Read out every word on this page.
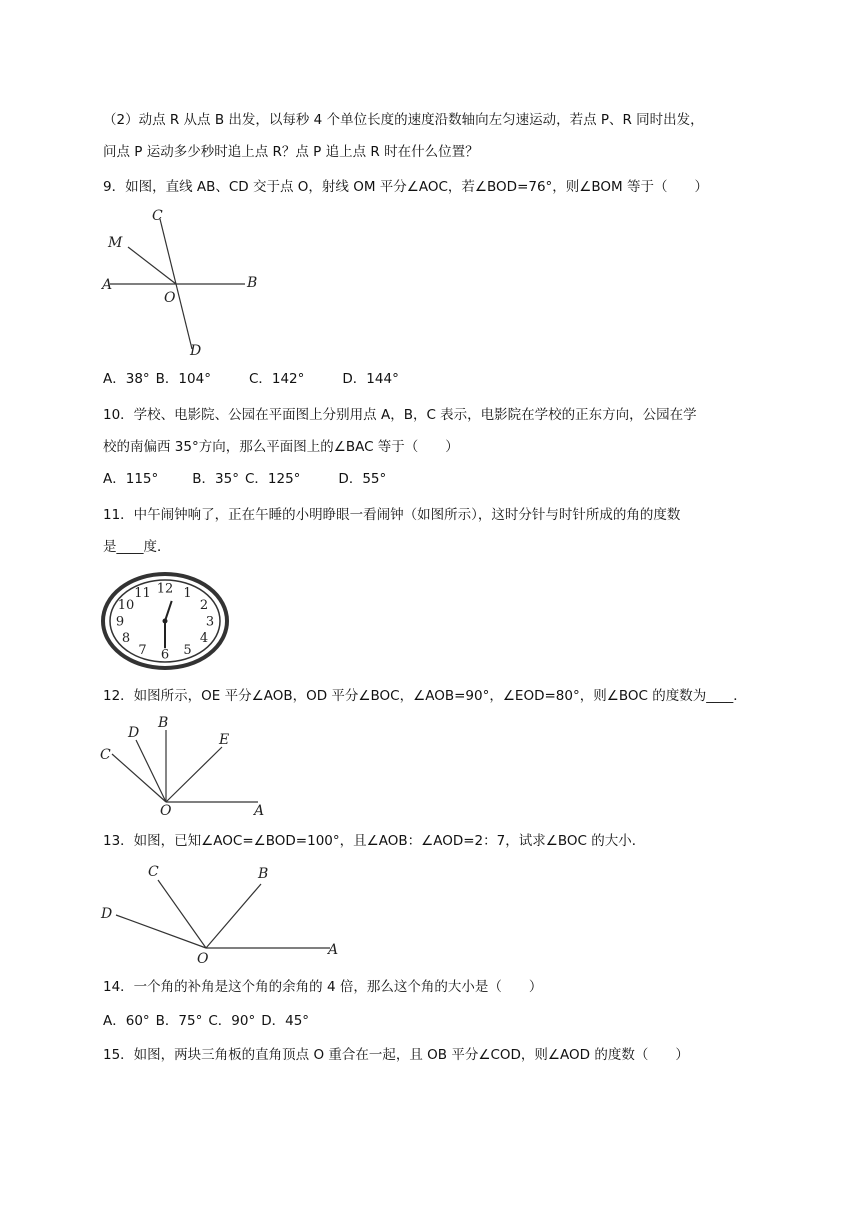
（2）动点 R 从点 B 出发，以每秒 4 个单位长度的速度沿数轴向左匀速运动，若点 P、R 同时出发，
问点 P 运动多少秒时追上点 R？点 P 追上点 R 时在什么位置？
9．如图，直线 AB、CD 交于点 O，射线 OM 平分∠AOC，若∠BOD=76°，则∠BOM 等于（　　）
C
M
A	B
O
D
A．38° B．104°	C．142°	D．144°
10．学校、电影院、公园在平面图上分别用点 A，B，C 表示，电影院在学校的正东方向，公园在学
校的南偏西 35°方向，那么平面图上的∠BAC 等于（　　）
A．115°	B．35° C．125°	D．55°
11．中午闹钟响了，正在午睡的小明睁眼一看闹钟（如图所示），这时分针与时针所成的角的度数
是____度．
12 1
2
3
4
5
6
7
8
9
10
11
12．如图所示，OE 平分∠AOB，OD 平分∠BOC，∠AOB=90°，∠EOD=80°，则∠BOC 的度数为____．
B
D
C
E
O	A
13．如图，已知∠AOC=∠BOD=100°，且∠AOB：∠AOD=2：7，试求∠BOC 的大小．
C	B
D
O
A
14．一个角的补角是这个角的余角的 4 倍，那么这个角的大小是（　　）
A．60° B．75° C．90° D．45°
15．如图，两块三角板的直角顶点 O 重合在一起，且 OB 平分∠COD，则∠AOD 的度数（　　）
